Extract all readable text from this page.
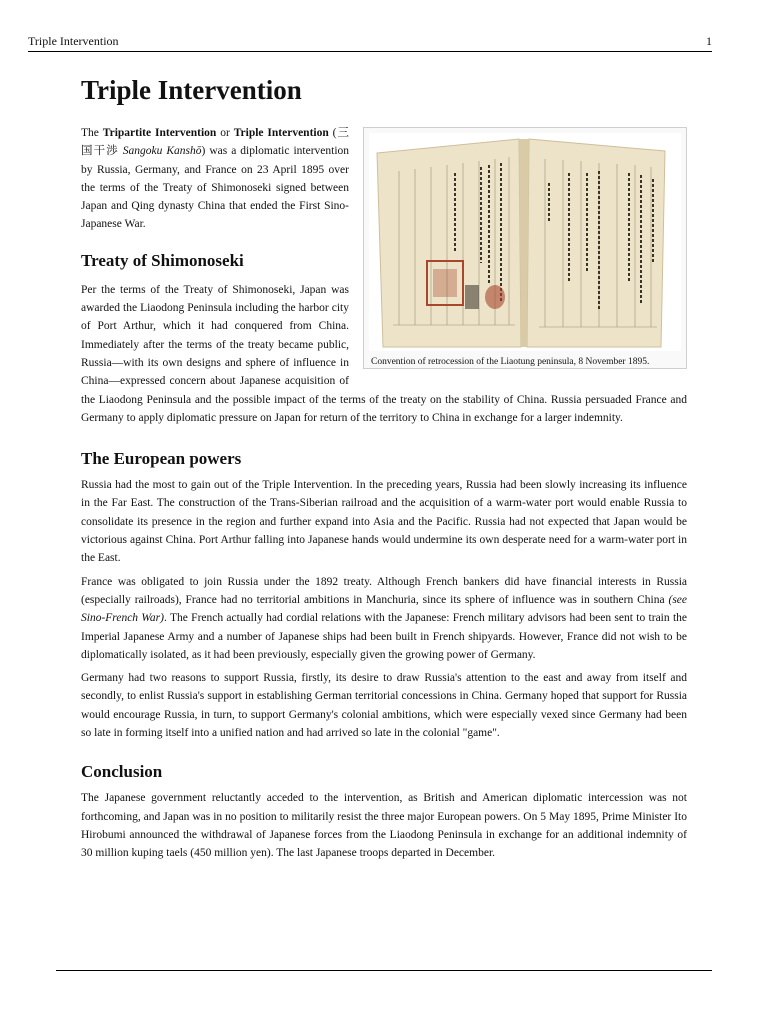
Triple Intervention	1
Triple Intervention
Convention of retrocession of the Liaotung peninsula, 8 November 1895.

The Tripartite Intervention or Triple Intervention (三国干渉 Sangoku Kanshō) was a diplomatic intervention by Russia, Germany, and France on 23 April 1895 over the terms of the Treaty of Shimonoseki signed between Japan and Qing dynasty China that ended the First Sino-Japanese War.

Treaty of Shimonoseki

Per the terms of the Treaty of Shimonoseki, Japan was awarded the Liaodong Peninsula including the harbor city of Port Arthur, which it had conquered from China. Immediately after the terms of the treaty became public, Russia—with its own designs and sphere of influence in China—expressed concern about Japanese acquisition of the Liaodong Peninsula and the possible impact of the terms of the treaty on the stability of China. Russia persuaded France and Germany to apply diplomatic pressure on Japan for return of the territory to China in exchange for a larger indemnity.

The European powers

Russia had the most to gain out of the Triple Intervention. In the preceding years, Russia had been slowly increasing its influence in the Far East. The construction of the Trans-Siberian railroad and the acquisition of a warm-water port would enable Russia to consolidate its presence in the region and further expand into Asia and the Pacific. Russia had not expected that Japan would be victorious against China. Port Arthur falling into Japanese hands would undermine its own desperate need for a warm-water port in the East.

France was obligated to join Russia under the 1892 treaty. Although French bankers did have financial interests in Russia (especially railroads), France had no territorial ambitions in Manchuria, since its sphere of influence was in southern China (see Sino-French War). The French actually had cordial relations with the Japanese: French military advisors had been sent to train the Imperial Japanese Army and a number of Japanese ships had been built in French shipyards. However, France did not wish to be diplomatically isolated, as it had been previously, especially given the growing power of Germany.

Germany had two reasons to support Russia, firstly, its desire to draw Russia's attention to the east and away from itself and secondly, to enlist Russia's support in establishing German territorial concessions in China. Germany hoped that support for Russia would encourage Russia, in turn, to support Germany's colonial ambitions, which were especially vexed since Germany had been so late in forming itself into a unified nation and had arrived so late in the colonial "game".

Conclusion

The Japanese government reluctantly acceded to the intervention, as British and American diplomatic intercession was not forthcoming, and Japan was in no position to militarily resist the three major European powers. On 5 May 1895, Prime Minister Ito Hirobumi announced the withdrawal of Japanese forces from the Liaodong Peninsula in exchange for an additional indemnity of 30 million kuping taels (450 million yen). The last Japanese troops departed in December.
